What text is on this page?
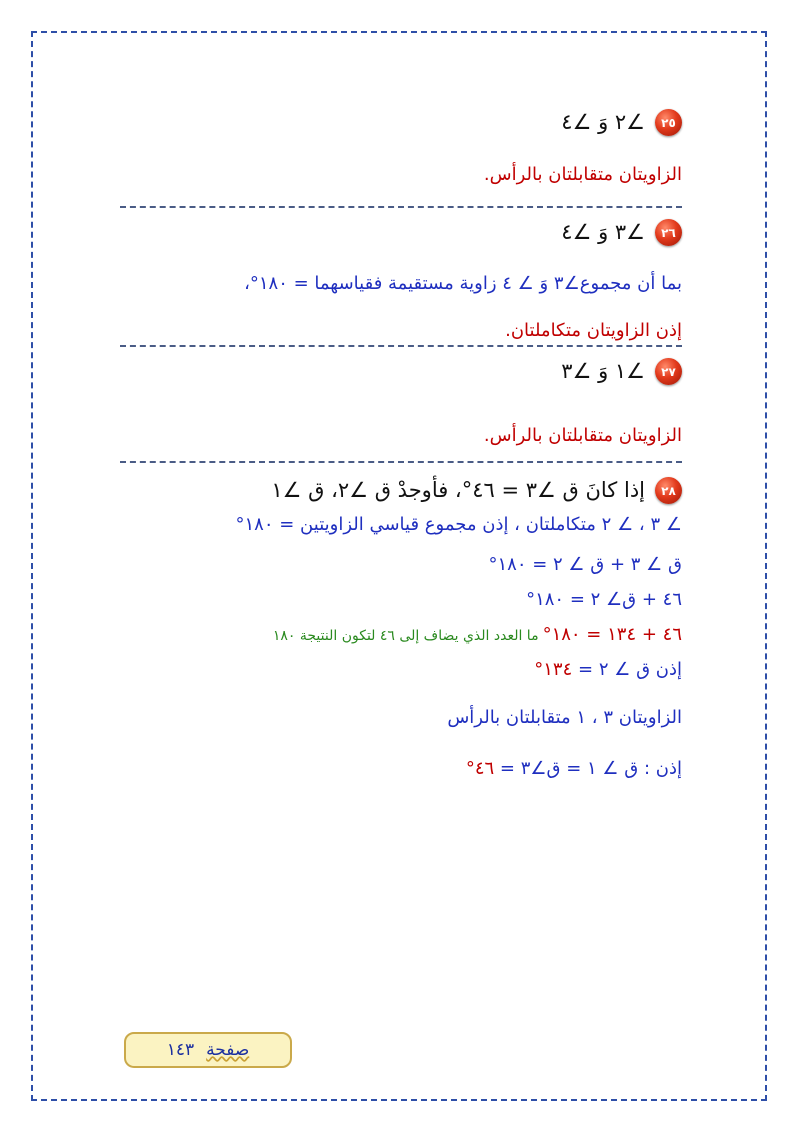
٢٥
∠٢ وَ ∠٤
الزاويتان متقابلتان بالرأس.
٢٦
∠٣ وَ ∠٤
بما أن مجموع∠٣ وَ ∠ ٤ زاوية مستقيمة فقياسهما = ١٨٠°،
إذن الزاويتان متكاملتان.
٢٧
∠١ وَ ∠٣
الزاويتان متقابلتان بالرأس.
٢٨
إذا كانَ ق ∠٣ = ٤٦°، فأوجدْ ق ∠٢، ق ∠١
∠ ٣ ، ∠ ٢ متكاملتان ، إذن مجموع قياسي الزاويتين = ١٨٠°
ق ∠ ٣ + ق ∠ ٢ = ١٨٠°
٤٦ + ق∠ ٢ = ١٨٠°
٤٦ + ١٣٤ = ١٨٠°
ما العدد الذي يضاف إلى ٤٦ لتكون النتيجة ١٨٠
إذن ق ∠ ٢ = ١٣٤°
الزاويتان ٣ ، ١ متقابلتان بالرأس
إذن : ق ∠ ١ = ق∠٣ = ٤٦°
صفحة
١٤٣
